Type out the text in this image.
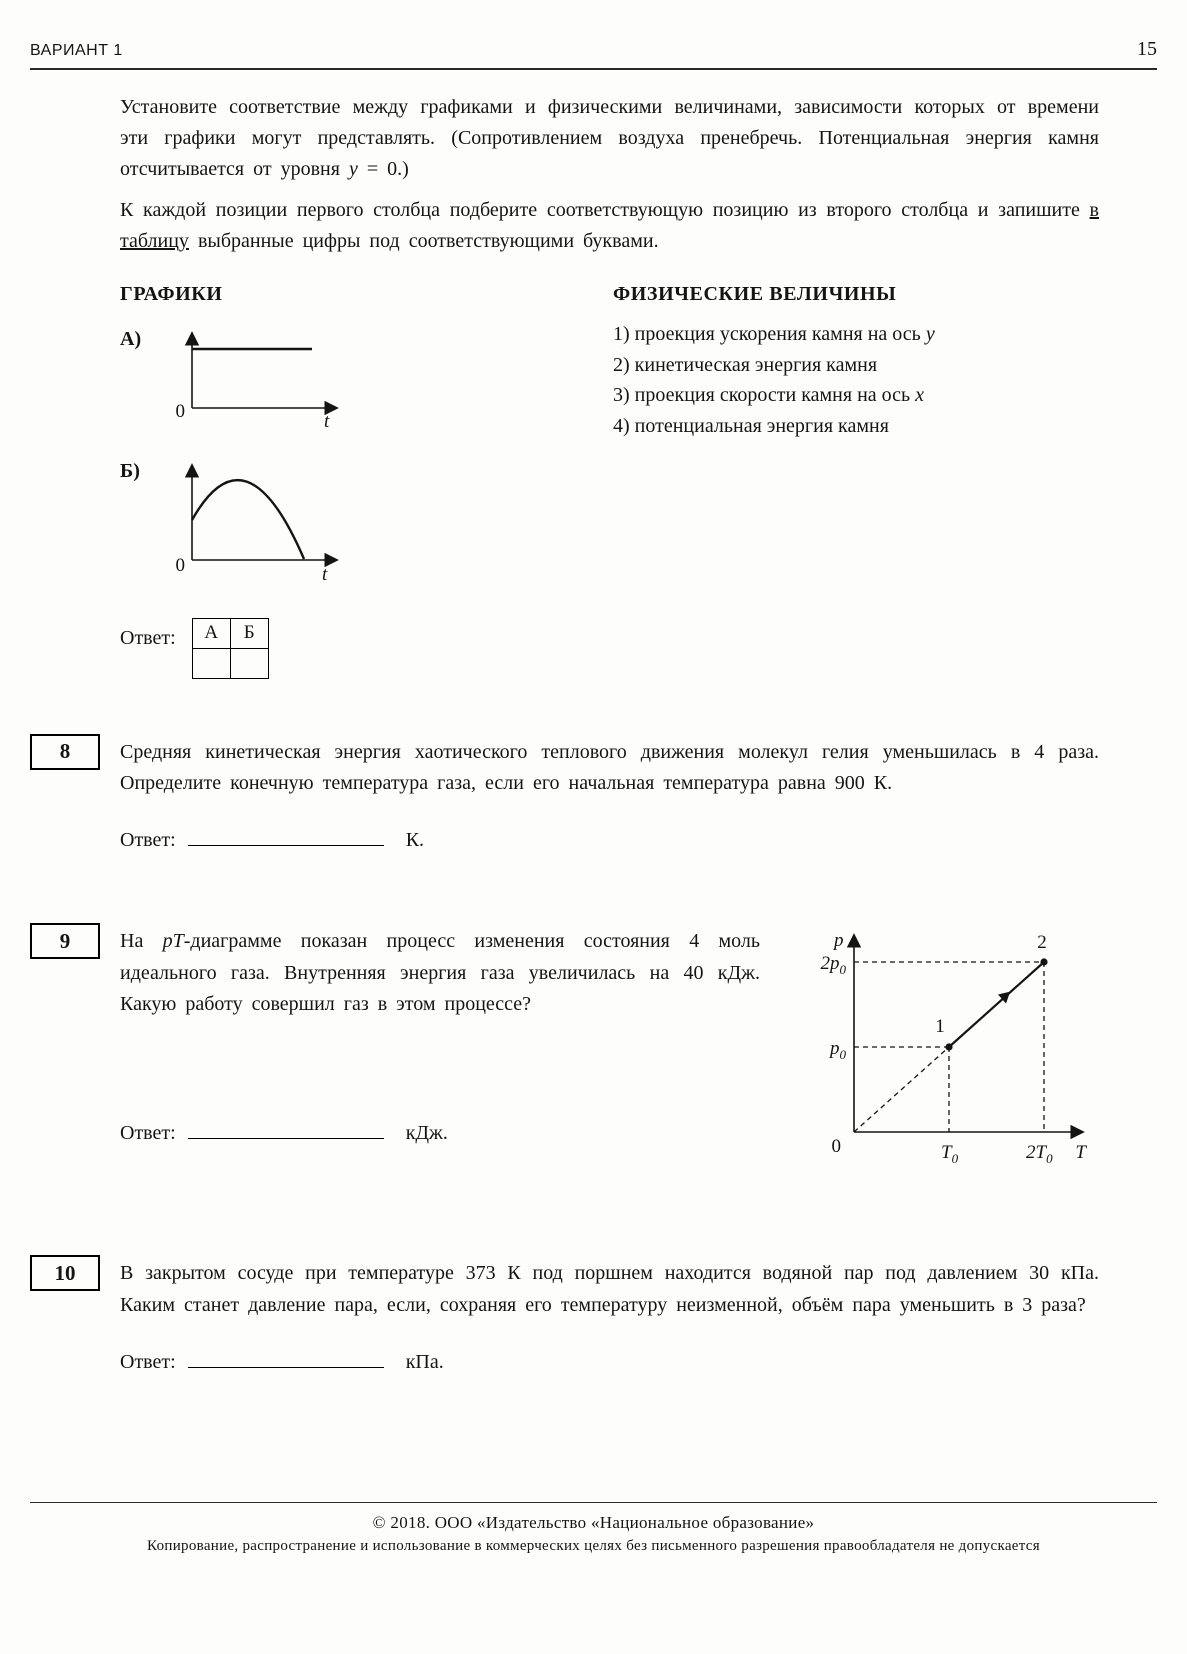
15
ВАРИАНТ 1

Установите соответствие между графиками и физическими величинами, зависимости которых от времени эти графики могут представлять. (Сопротивлением воздуха пренебречь. Потенциальная энергия камня отсчитывается от уровня y = 0.)

К каждой позиции первого столбца подберите соответствующую позицию из второго столбца и запишите в таблицу выбранные цифры под соответствующими буквами.

ГРАФИКИ
А)
0	t
Б)
0	t
ФИЗИЧЕСКИЕ ВЕЛИЧИНЫ
1) проекция ускорения камня на ось y
2) кинетическая энергия камня
3) проекция скорости камня на ось x
4) потенциальная энергия камня
Ответ: А	Б

8	Средняя кинетическая энергия хаотического теплового движения молекул гелия уменьшилась в 4 раза. Определите конечную температура газа, если его начальная температура равна 900 К.

Ответ:	К.
9	На pT-диаграмме показан процесс изменения состояния 4 моль идеального газа. Внутренняя энергия газа увеличилась на 40 кДж. Какую работу совершил газ в этом процессе?

Ответ:	кДж.
p
T
0
$2p_0$
$p_0$
$T_0$	$2T_0$
1
2
10	В закрытом сосуде при температуре 373 К под поршнем находится водяной пар под давлением 30 кПа. Каким станет давление пара, если, сохраняя его температуру неизменной, объём пара уменьшить в 3 раза?

Ответ:	кПа.
© 2018. ООО «Издательство «Национальное образование»
Копирование, распространение и использование в коммерческих целях без письменного разрешения правообладателя не допускается
